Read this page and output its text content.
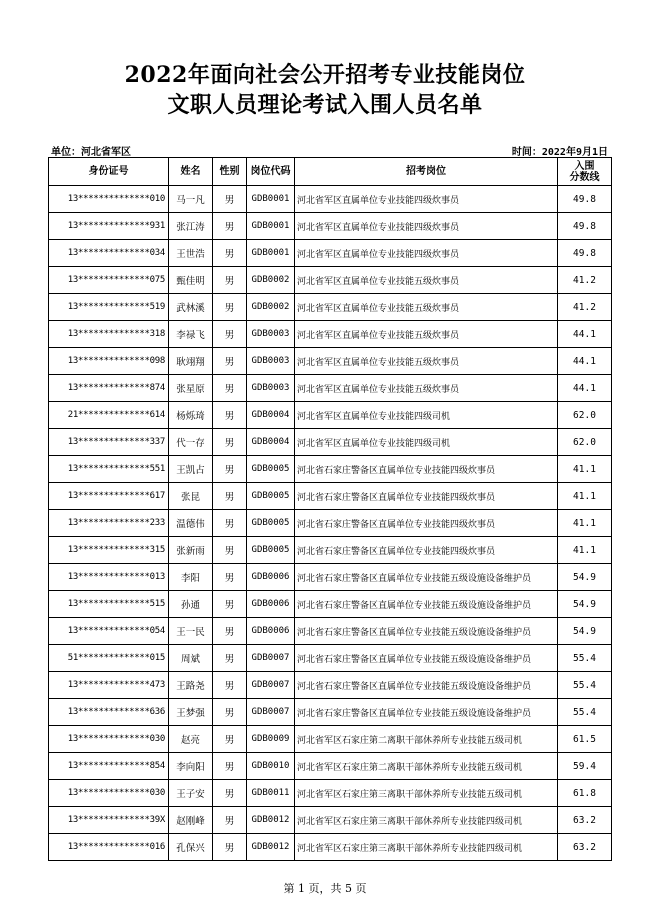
2022年面向社会公开招考专业技能岗位
文职人员理论考试入围人员名单
单位：河北省军区	时间：2022年9月1日
身份证号	姓名	性别	岗位代码	招考岗位	入围
分数线

13**************010	马一凡	男	GDB0001	河北省军区直属单位专业技能四级炊事员	49.8
13**************931	张江涛	男	GDB0001	河北省军区直属单位专业技能四级炊事员	49.8
13**************034	王世浩	男	GDB0001	河北省军区直属单位专业技能四级炊事员	49.8
13**************075	甄佳明	男	GDB0002	河北省军区直属单位专业技能五级炊事员	41.2
13**************519	武林溪	男	GDB0002	河北省军区直属单位专业技能五级炊事员	41.2
13**************318	李禄飞	男	GDB0003	河北省军区直属单位专业技能五级炊事员	44.1
13**************098	耿翊翔	男	GDB0003	河北省军区直属单位专业技能五级炊事员	44.1
13**************874	张星原	男	GDB0003	河北省军区直属单位专业技能五级炊事员	44.1
21**************614	杨烁琦	男	GDB0004	河北省军区直属单位专业技能四级司机	62.0
13**************337	代一存	男	GDB0004	河北省军区直属单位专业技能四级司机	62.0
13**************551	王凯占	男	GDB0005	河北省石家庄警备区直属单位专业技能四级炊事员	41.1
13**************617	张昆	男	GDB0005	河北省石家庄警备区直属单位专业技能四级炊事员	41.1
13**************233	温德伟	男	GDB0005	河北省石家庄警备区直属单位专业技能四级炊事员	41.1
13**************315	张新雨	男	GDB0005	河北省石家庄警备区直属单位专业技能四级炊事员	41.1
13**************013	李阳	男	GDB0006	河北省石家庄警备区直属单位专业技能五级设施设备维护员	54.9
13**************515	孙通	男	GDB0006	河北省石家庄警备区直属单位专业技能五级设施设备维护员	54.9
13**************054	王一民	男	GDB0006	河北省石家庄警备区直属单位专业技能五级设施设备维护员	54.9
51**************015	周斌	男	GDB0007	河北省石家庄警备区直属单位专业技能五级设施设备维护员	55.4
13**************473	王路尧	男	GDB0007	河北省石家庄警备区直属单位专业技能五级设施设备维护员	55.4
13**************636	王梦强	男	GDB0007	河北省石家庄警备区直属单位专业技能五级设施设备维护员	55.4
13**************030	赵亮	男	GDB0009	河北省军区石家庄第二离职干部休养所专业技能五级司机	61.5
13**************854	李向阳	男	GDB0010	河北省军区石家庄第二离职干部休养所专业技能五级司机	59.4
13**************030	王子安	男	GDB0011	河北省军区石家庄第三离职干部休养所专业技能五级司机	61.8
13**************39X	赵刚峰	男	GDB0012	河北省军区石家庄第三离职干部休养所专业技能四级司机	63.2
13**************016	孔保兴	男	GDB0012	河北省军区石家庄第三离职干部休养所专业技能四级司机	63.2
第 1 页，共 5 页
